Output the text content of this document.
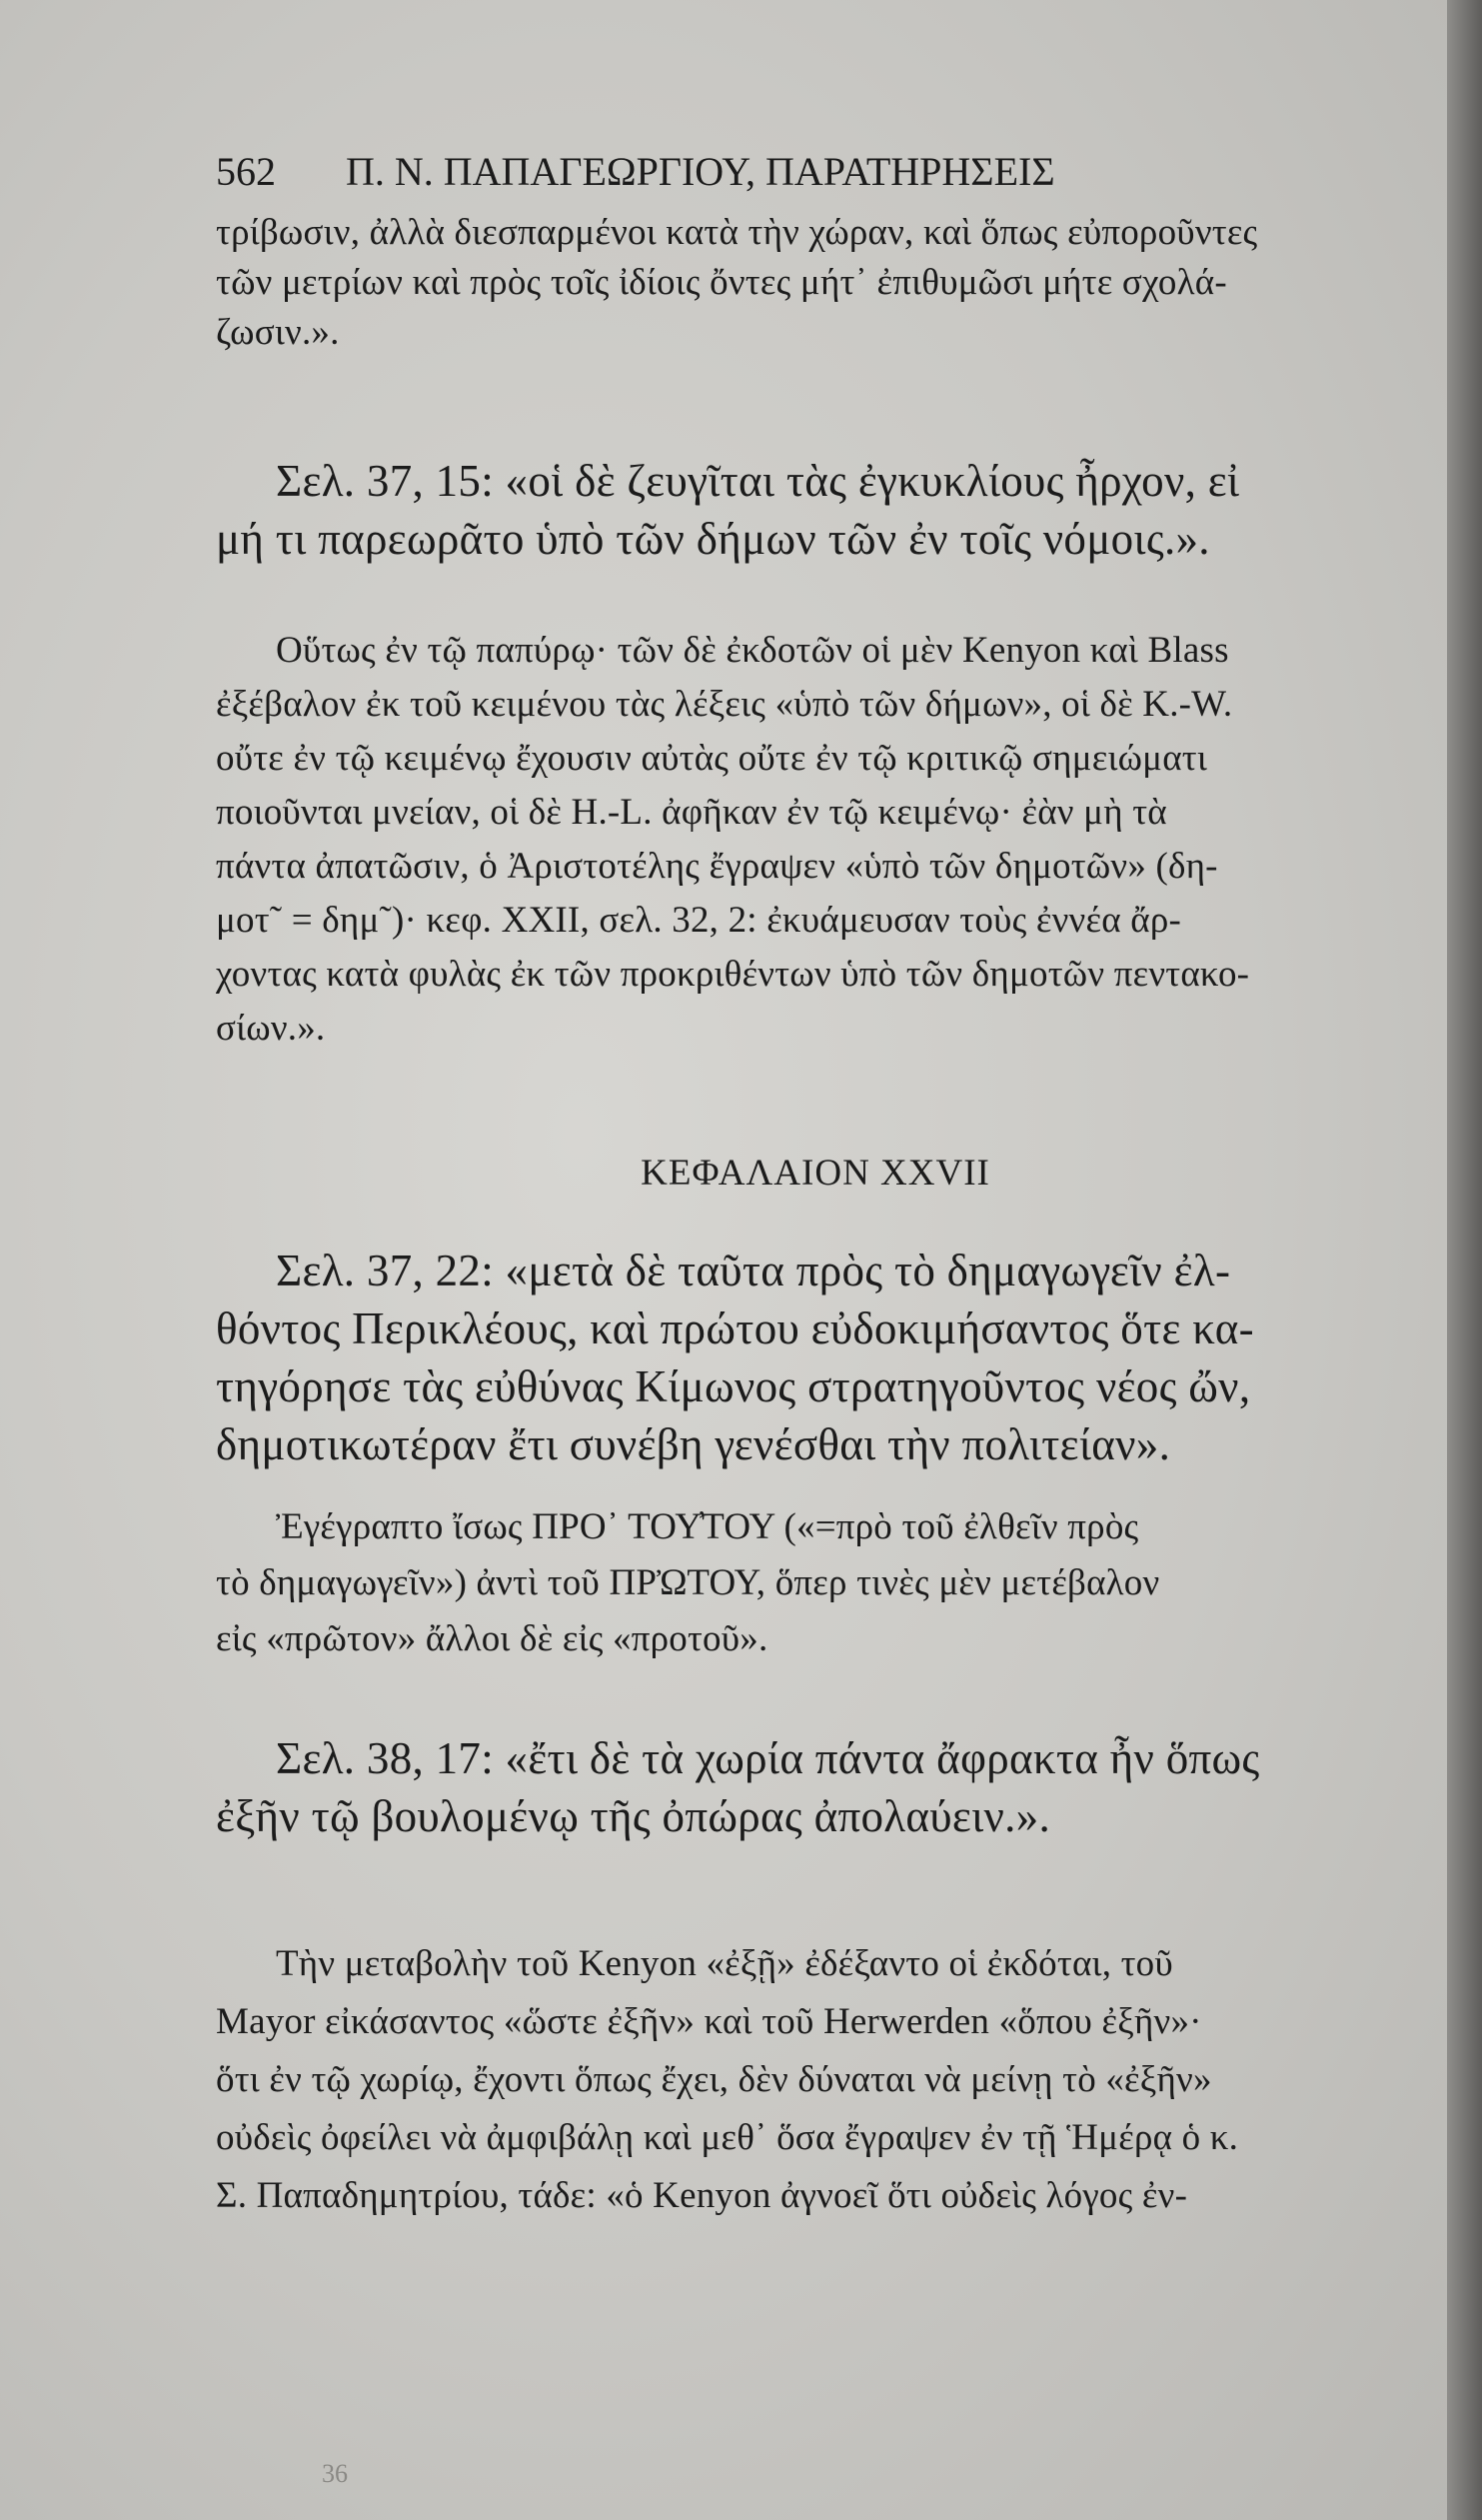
562 Π. Ν. ΠΑΠΑΓΕΩΡΓΙΟΥ, ΠΑΡΑΤΗΡΗΣΕΙΣ
τρίβωσιν, ἀλλὰ διεσπαρμένοι κατὰ τὴν χώραν, καὶ ὅπως εὐποροῦντες
τῶν μετρίων καὶ πρὸς τοῖς ἰδίοις ὄντες μήτ᾽ ἐπιθυμῶσι μήτε σχολά-
ζωσιν.».
Σελ. 37, 15: «οἱ δὲ ζευγῖται τὰς ἐγκυκλίους ἦρχον, εἰ
μή τι παρεωρᾶτο ὑπὸ τῶν δήμων τῶν ἐν τοῖς νόμοις.».
Οὕτως ἐν τῷ παπύρῳ· τῶν δὲ ἐκδοτῶν οἱ μὲν Kenyon καὶ Blass
ἐξέβαλον ἐκ τοῦ κειμένου τὰς λέξεις «ὑπὸ τῶν δήμων», οἱ δὲ K.-W.
οὔτε ἐν τῷ κειμένῳ ἔχουσιν αὐτὰς οὔτε ἐν τῷ κριτικῷ σημειώματι
ποιοῦνται μνείαν, οἱ δὲ H.-L. ἀφῆκαν ἐν τῷ κειμένῳ· ἐὰν μὴ τὰ
πάντα ἀπατῶσιν, ὁ Ἀριστοτέλης ἔγραψεν «ὑπὸ τῶν δημοτῶν» (δη-
μοτ῀ = δημ῀)· κεφ. XXII, σελ. 32, 2: ἐκυάμευσαν τοὺς ἐννέα ἄρ-
χοντας κατὰ φυλὰς ἐκ τῶν προκριθέντων ὑπὸ τῶν δημοτῶν πεντακο-
σίων.».
ΚΕΦΑΛΑΙΟΝ XXVII
Σελ. 37, 22: «μετὰ δὲ ταῦτα πρὸς τὸ δημαγωγεῖν ἐλ-
θόντος Περικλέους, καὶ πρώτου εὐδοκιμήσαντος ὅτε κα-
τηγόρησε τὰς εὐθύνας Κίμωνος στρατηγοῦντος νέος ὤν,
δημοτικωτέραν ἔτι συνέβη γενέσθαι τὴν πολιτείαν».
Ἐγέγραπτο ἴσως ΠΡΟ᾽ ΤΟΥ̓ΤΟΥ («=πρὸ τοῦ ἐλθεῖν πρὸς
τὸ δημαγωγεῖν») ἀντὶ τοῦ ΠΡὨΤΟΥ, ὅπερ τινὲς μὲν μετέβαλον
εἰς «πρῶτον» ἄλλοι δὲ εἰς «προτοῦ».
Σελ. 38, 17: «ἔτι δὲ τὰ χωρία πάντα ἄφρακτα ἦν ὅπως
ἐξῆν τῷ βουλομένῳ τῆς ὀπώρας ἀπολαύειν.».
Τὴν μεταβολὴν τοῦ Kenyon «ἐξῇ» ἐδέξαντο οἱ ἐκδόται, τοῦ
Mayor εἰκάσαντος «ὥστε ἐξῆν» καὶ τοῦ Herwerden «ὅπου ἐξῆν»·
ὅτι ἐν τῷ χωρίῳ, ἔχοντι ὅπως ἔχει, δὲν δύναται νὰ μείνῃ τὸ «ἐξῆν»
οὐδεὶς ὀφείλει νὰ ἀμφιβάλῃ καὶ μεθ᾽ ὅσα ἔγραψεν ἐν τῇ Ἡμέρᾳ ὁ κ.
Σ. Παπαδημητρίου, τάδε: «ὁ Kenyon ἀγνοεῖ ὅτι οὐδεὶς λόγος ἐν-
36
